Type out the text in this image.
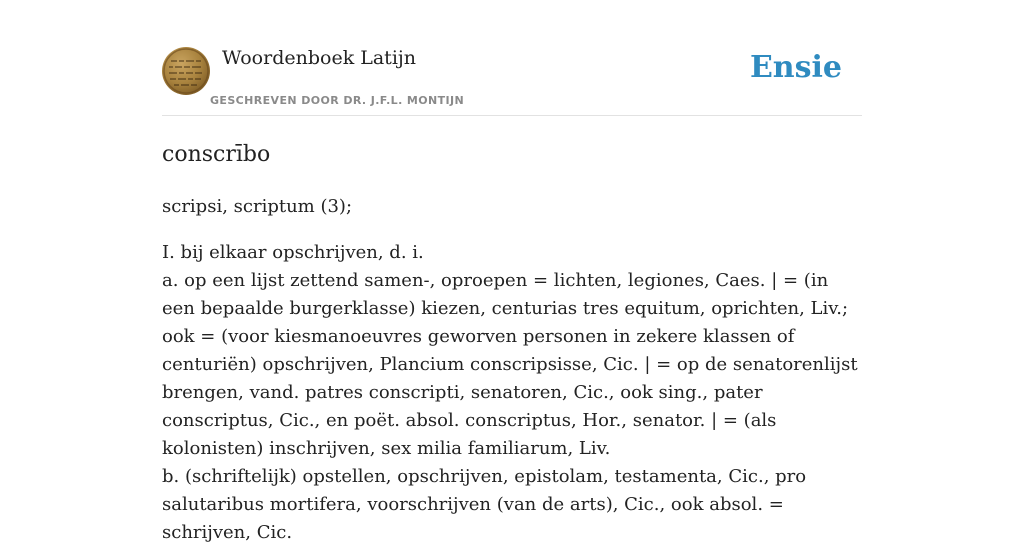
Woordenboek Latijn
GESCHREVEN DOOR DR. J.F.L. MONTIJN
Ensie
conscrībo
scripsi, scriptum (3);

I. bij elkaar opschrijven, d. i.

a. op een lijst zettend samen-, oproepen = lichten, legiones, Caes. | = (in een bepaalde burgerklasse) kiezen, centurias tres equitum, oprichten, Liv.; ook = (voor kiesmanoeuvres geworven personen in zekere klassen of centuriën) opschrijven, Plancium conscripsisse, Cic. | = op de senatorenlijst brengen, vand. patres conscripti, senatoren, Cic., ook sing., pater conscriptus, Cic., en poët. absol. conscriptus, Hor., senator. | = (als kolonisten) inschrijven, sex milia familiarum, Liv.

b. (schriftelijk) opstellen, opschrijven, epistolam, testamenta, Cic., pro salutaribus mortifera, voorschrijven (van de arts), Cic., ook absol. = schrijven, Cic.
